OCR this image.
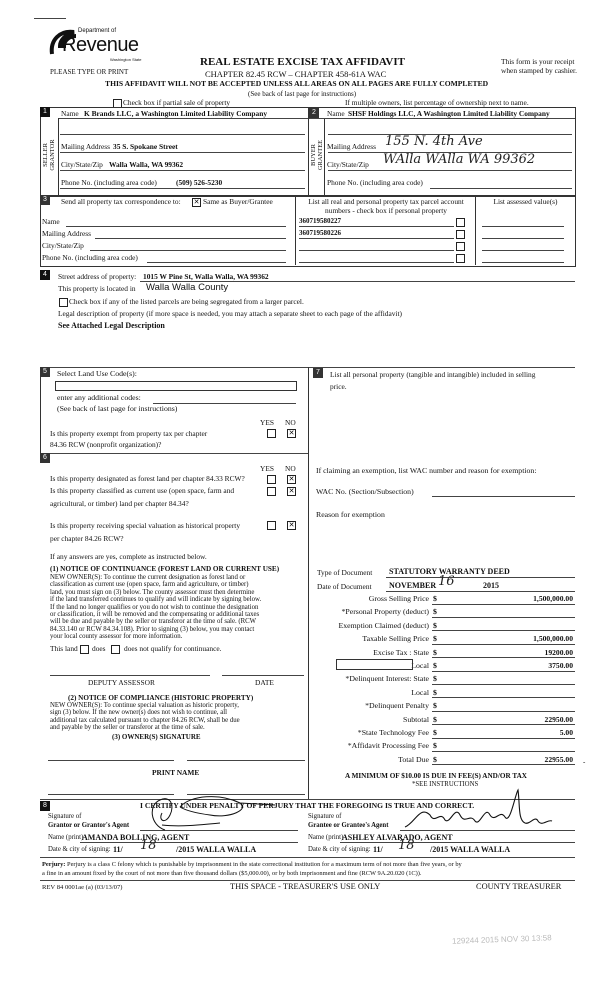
Department of
Revenue
Washington State
PLEASE TYPE OR PRINT
REAL ESTATE EXCISE TAX AFFIDAVIT
CHAPTER 82.45 RCW – CHAPTER 458-61A WAC
THIS AFFIDAVIT WILL NOT BE ACCEPTED UNLESS ALL AREAS ON ALL PAGES ARE FULLY COMPLETED
(See back of last page for instructions)
This form is your receipt
when stamped by cashier.
Check box if partial sale of property	If multiple owners, list percentage of ownership next to name.
1
SELLER GRANTOR
Name K Brands LLC, a Washington Limited Liability Company
Mailing Address 35 S. Spokane Street
City/State/Zip Walla Walla, WA 99362
Phone No. (including area code)	(509) 526-5230
2
BUYER GRANTEE
Name SHSF Holdings LLC, A Washington Limited Liability Company
Mailing Address 155 N. 4th Ave
City/State/Zip WAlla WAlla WA 99362
Phone No. (including area code)
3	Send all property tax correspondence to: ✕ Same as Buyer/Grantee	List all real and personal property tax parcel account numbers - check box if personal property
List assessed value(s)
Name
Mailing Address
City/State/Zip
Phone No. (including area code)
360719580227
360719580226
4	Street address of property: 1015 W Pine St, Walla Walla, WA 99362
This property is located in Walla Walla County
Check box if any of the listed parcels are being segregated from a larger parcel.
Legal description of property (if more space is needed, you may attach a separate sheet to each page of the affidavit)
See Attached Legal Description
5	Select Land Use Code(s):
enter any additional codes:
(See back of last page for instructions)
YES NO
Is this property exempt from property tax per chapter
84.36 RCW (nonprofit organization)?
✕
6
YES NO
Is this property designated as forest land per chapter 84.33 RCW?	✕
Is this property classified as current use (open space, farm and
agricultural, or timber) land per chapter 84.34?
✕
Is this property receiving special valuation as historical property
per chapter 84.26 RCW?
✕
If any answers are yes, complete as instructed below.
(1) NOTICE OF CONTINUANCE (FOREST LAND OR CURRENT USE)
NEW OWNER(S): To continue the current designation as forest land or
classification as current use (open space, farm and agriculture, or timber)
land, you must sign on (3) below. The county assessor must then determine
if the land transferred continues to qualify and will indicate by signing below.
If the land no longer qualifies or you do not wish to continue the designation
or classification, it will be removed and the compensating or additional taxes
will be due and payable by the seller or transferor at the time of sale. (RCW
84.33.140 or RCW 84.34.108). Prior to signing (3) below, you may contact
your local county assessor for more information.
This land does does not qualify for continuance.
DEPUTY ASSESSOR	DATE
(2) NOTICE OF COMPLIANCE (HISTORIC PROPERTY)
NEW OWNER(S): To continue special valuation as historic property,
sign (3) below. If the new owner(s) does not wish to continue, all
additional tax calculated pursuant to chapter 84.26 RCW, shall be due
and payable by the seller or transferor at the time of sale.
(3) OWNER(S) SIGNATURE
PRINT NAME
7	List all personal property (tangible and intangible) included in selling
price.
If claiming an exemption, list WAC number and reason for exemption:
WAC No. (Section/Subsection)
Reason for exemption
Type of Document STATUTORY WARRANTY DEED
Date of Document NOVEMBER 16	2015
Gross Selling Price $	1,500,000.00
*Personal Property (deduct) $
Exemption Claimed (deduct) $
Taxable Selling Price $	1,500,000.00
Excise Tax : State $	19200.00
Local $	3750.00
*Delinquent Interest: State $
Local $
*Delinquent Penalty $
Subtotal $	22950.00
*State Technology Fee $	5.00
*Affidavit Processing Fee $
Total Due $	22955.00 -
A MINIMUM OF $10.00 IS DUE IN FEE(S) AND/OR TAX
*SEE INSTRUCTIONS
8	I CERTIFY UNDER PENALTY OF PERJURY THAT THE FOREGOING IS TRUE AND CORRECT.
Signature of
Grantor or Grantor's Agent
Name (print)
AMANDA BOLLING, AGENT
Date & city of signing: 11/ 18 /2015 WALLA WALLA
Signature of
Grantee or Grantee's Agent
Name (print)
ASHLEY ALVARADO, AGENT
Date & city of signing: 11/ 18 /2015 WALLA WALLA
Perjury: Perjury is a class C felony which is punishable by imprisonment in the state correctional institution for a maximum term of not more than five years, or by
a fine in an amount fixed by the court of not more than five thousand dollars ($5,000.00), or by both imprisonment and fine (RCW 9A.20.020 (1C)).
REV 84 0001ae (a) (03/13/07)	THIS SPACE - TREASURER'S USE ONLY	COUNTY TREASURER
129244 2015 NOV 30 13:58
